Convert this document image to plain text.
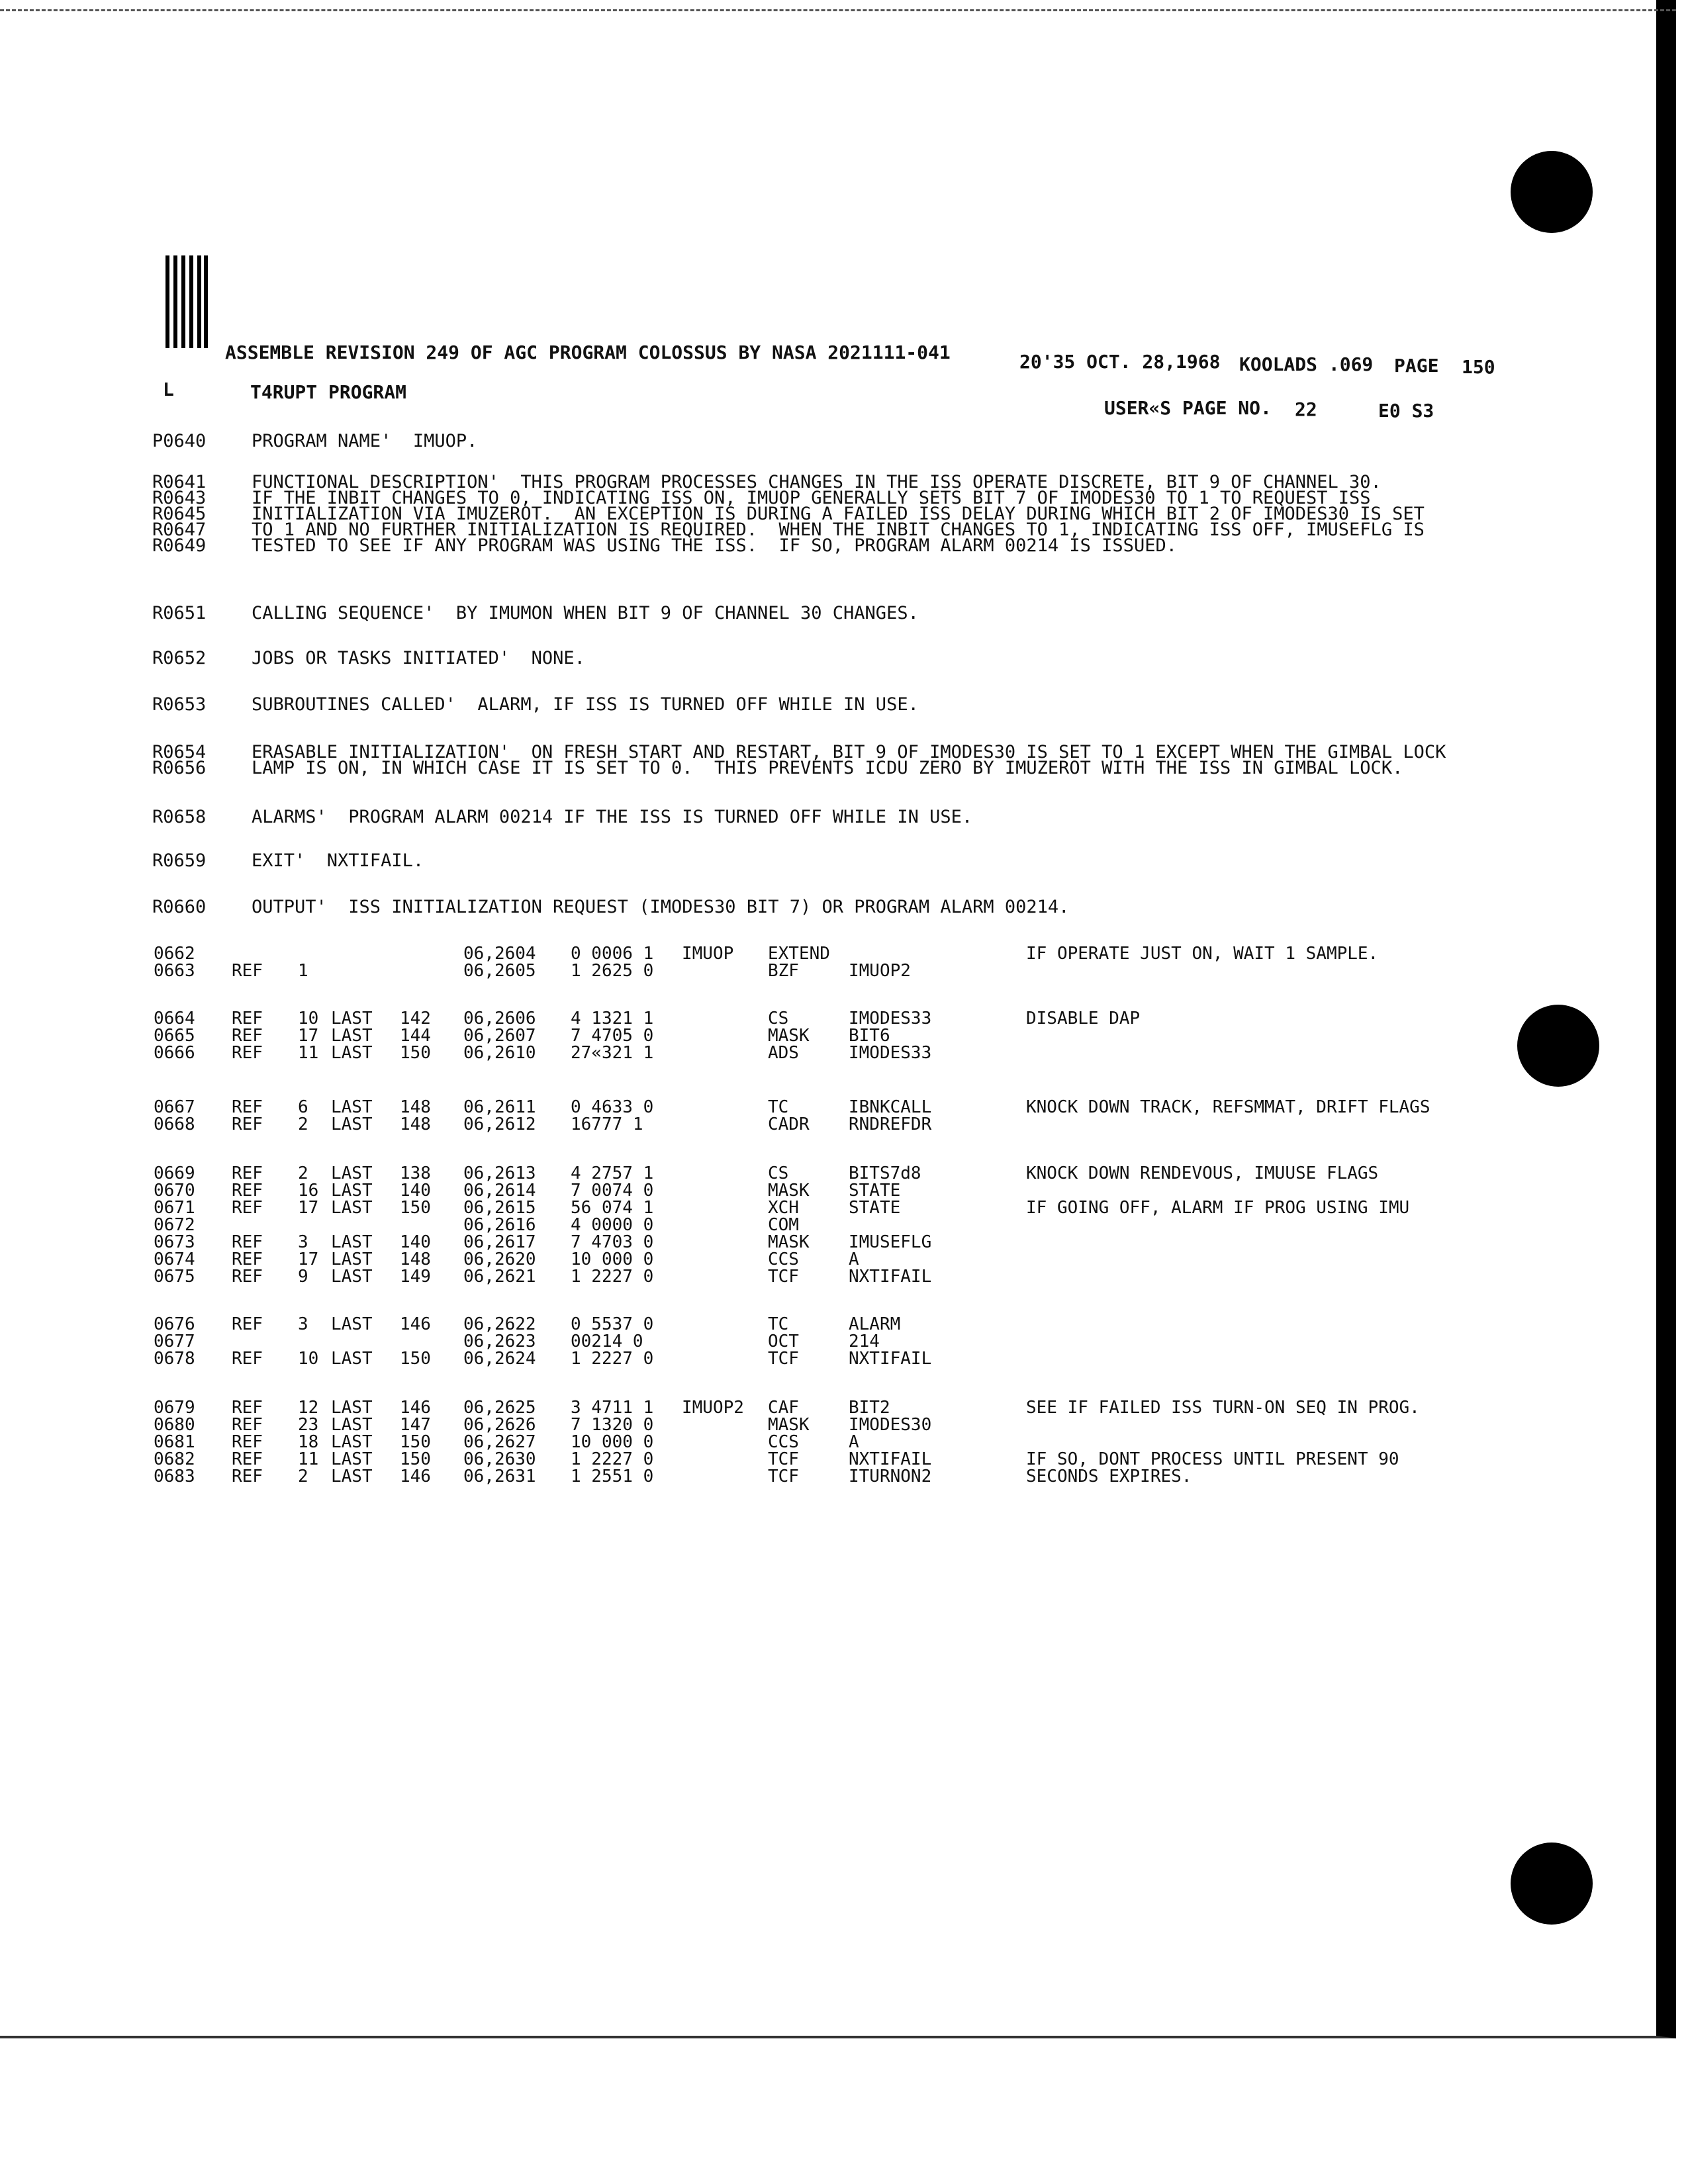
ASSEMBLE REVISION 249 OF AGC PROGRAM COLOSSUS BY NASA 2021111-041	20'35 OCT. 28,1968 KOOLADS .069 PAGE 150
L	T4RUPT PROGRAM
USER«S PAGE NO. 22	E0 S3
P0640	PROGRAM NAME'  IMUOP.
R0641	FUNCTIONAL DESCRIPTION'  THIS PROGRAM PROCESSES CHANGES IN THE ISS OPERATE DISCRETE, BIT 9 OF CHANNEL 30.
R0643	IF THE INBIT CHANGES TO 0, INDICATING ISS ON, IMUOP GENERALLY SETS BIT 7 OF IMODES30 TO 1 TO REQUEST ISS
R0645	INITIALIZATION VIA IMUZEROT.  AN EXCEPTION IS DURING A FAILED ISS DELAY DURING WHICH BIT 2 OF IMODES30 IS SET
R0647	TO 1 AND NO FURTHER INITIALIZATION IS REQUIRED.  WHEN THE INBIT CHANGES TO 1, INDICATING ISS OFF, IMUSEFLG IS
R0649	TESTED TO SEE IF ANY PROGRAM WAS USING THE ISS.  IF SO, PROGRAM ALARM 00214 IS ISSUED.
R0651	CALLING SEQUENCE'  BY IMUMON WHEN BIT 9 OF CHANNEL 30 CHANGES.
R0652	JOBS OR TASKS INITIATED'  NONE.
R0653	SUBROUTINES CALLED'  ALARM, IF ISS IS TURNED OFF WHILE IN USE.
R0654	ERASABLE INITIALIZATION'  ON FRESH START AND RESTART, BIT 9 OF IMODES30 IS SET TO 1 EXCEPT WHEN THE GIMBAL LOCK
R0656	LAMP IS ON, IN WHICH CASE IT IS SET TO 0.  THIS PREVENTS ICDU ZERO BY IMUZEROT WITH THE ISS IN GIMBAL LOCK.
R0658	ALARMS'  PROGRAM ALARM 00214 IF THE ISS IS TURNED OFF WHILE IN USE.
R0659	EXIT'  NXTIFAIL.
R0660	OUTPUT'  ISS INITIALIZATION REQUEST (IMODES30 BIT 7) OR PROGRAM ALARM 00214.
0662	06,2604 0 0006 1 IMUOP EXTEND	IF OPERATE JUST ON, WAIT 1 SAMPLE.
0663 REF 1	06,2605 1 2625 0	BZF	IMUOP2
0664 REF 10 LAST 142 06,2606 4 1321 1	CS	IMODES33	DISABLE DAP
0665 REF 17 LAST 144 06,2607 7 4705 0	MASK BIT6
0666 REF 11 LAST 150 06,2610 27«321 1	ADS	IMODES33
0667 REF 6 LAST 148 06,2611 0 4633 0	TC	IBNKCALL	KNOCK DOWN TRACK, REFSMMAT, DRIFT FLAGS
0668 REF 2 LAST 148 06,2612 16777 1	CADR RNDREFDR
0669 REF 2 LAST 138 06,2613 4 2757 1	CS	BITS7d8	KNOCK DOWN RENDEVOUS, IMUUSE FLAGS
0670 REF 16 LAST 140 06,2614 7 0074 0	MASK STATE
0671 REF 17 LAST 150 06,2615 56 074 1	XCH	STATE	IF GOING OFF, ALARM IF PROG USING IMU
0672	06,2616 4 0000 0	COM
0673 REF 3 LAST 140 06,2617 7 4703 0	MASK IMUSEFLG
0674 REF 17 LAST 148 06,2620 10 000 0	CCS	A
0675 REF 9 LAST 149 06,2621 1 2227 0	TCF	NXTIFAIL
0676 REF 3 LAST 146 06,2622 0 5537 0	TC	ALARM
0677	06,2623 00214 0	OCT	214
0678 REF 10 LAST 150 06,2624 1 2227 0	TCF	NXTIFAIL
0679 REF 12 LAST 146 06,2625 3 4711 1 IMUOP2 CAF	BIT2	SEE IF FAILED ISS TURN-ON SEQ IN PROG.
0680 REF 23 LAST 147 06,2626 7 1320 0	MASK IMODES30
0681 REF 18 LAST 150 06,2627 10 000 0	CCS	A
0682 REF 11 LAST 150 06,2630 1 2227 0	TCF	NXTIFAIL	IF SO, DONT PROCESS UNTIL PRESENT 90
0683 REF 2 LAST 146 06,2631 1 2551 0	TCF	ITURNON2	SECONDS EXPIRES.
